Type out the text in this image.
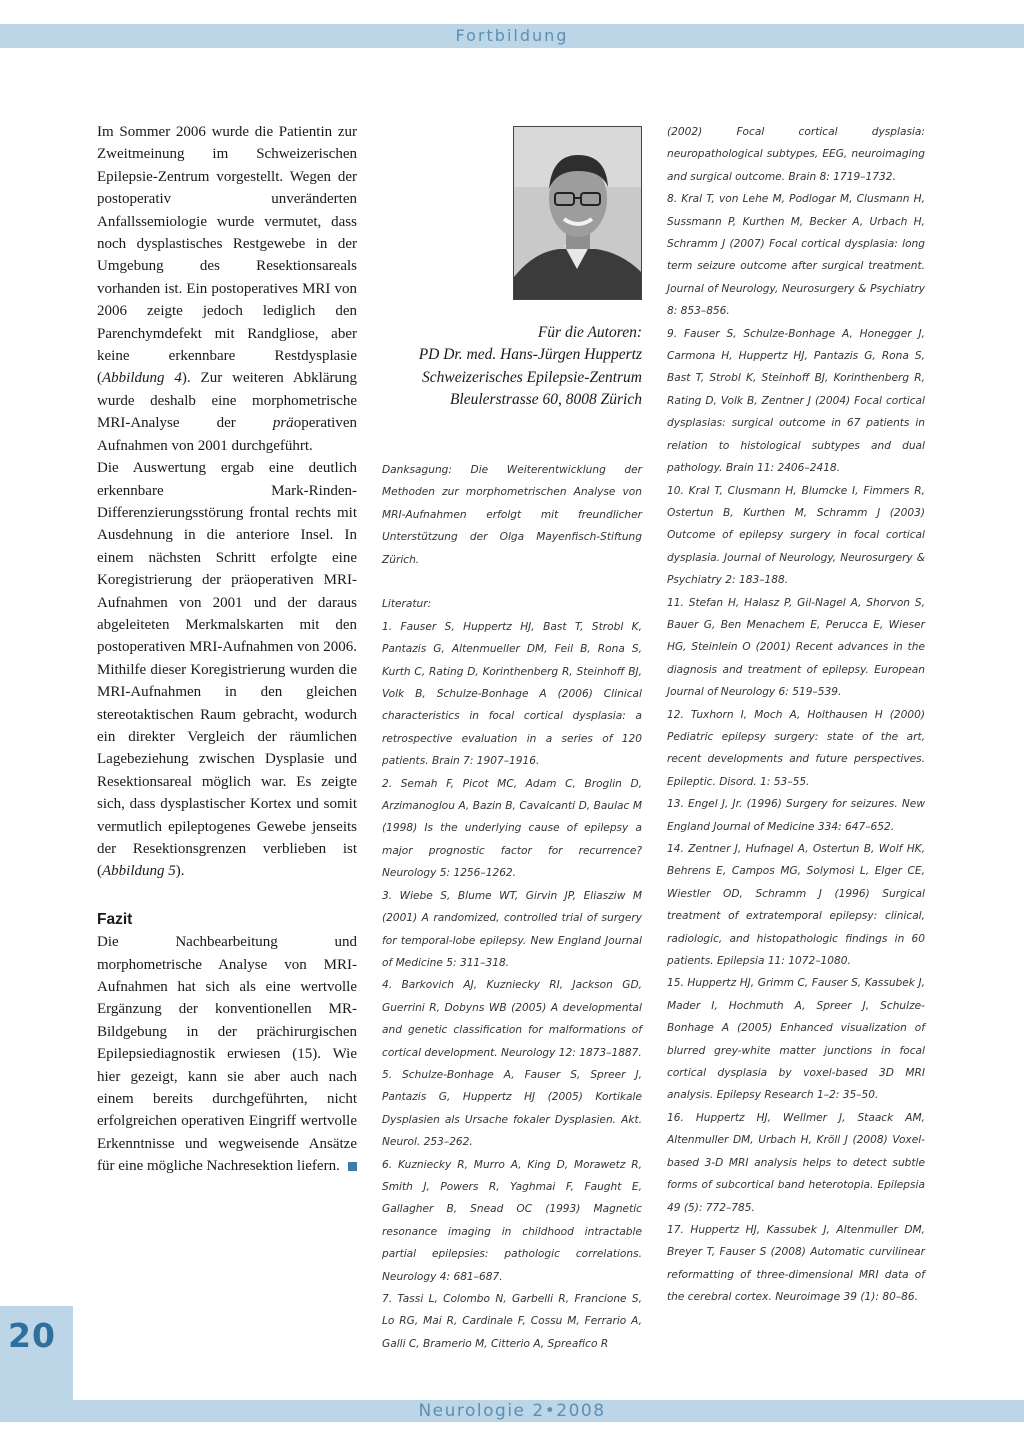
Fortbildung

Im Sommer 2006 wurde die Patientin zur Zweitmeinung im Schweizerischen Epilepsie-Zentrum vorgestellt. Wegen der postoperativ unveränderten Anfallssemiologie wurde vermutet, dass noch dysplastisches Restgewebe in der Umgebung des Resektionsareals vorhanden ist. Ein postoperatives MRI von 2006 zeigte jedoch lediglich den Parenchymdefekt mit Randgliose, aber keine erkennbare Restdysplasie (Abbildung 4). Zur weiteren Abklärung wurde deshalb eine morphometrische MRI-Analyse der präoperativen Aufnahmen von 2001 durchgeführt.

Die Auswertung ergab eine deutlich erkennbare Mark-Rinden-Differenzierungsstörung frontal rechts mit Ausdehnung in die anteriore Insel. In einem nächsten Schritt erfolgte eine Koregistrierung der präoperativen MRI-Aufnahmen von 2001 und der daraus abgeleiteten Merkmalskarten mit den postoperativen MRI-Aufnahmen von 2006. Mithilfe dieser Koregistrierung wurden die MRI-Aufnahmen in den gleichen stereotaktischen Raum gebracht, wodurch ein direkter Vergleich der räumlichen Lagebeziehung zwischen Dysplasie und Resektionsareal möglich war. Es zeigte sich, dass dysplastischer Kortex und somit vermutlich epileptogenes Gewebe jenseits der Resektionsgrenzen verblieben ist (Abbildung 5).

Fazit

Die Nachbearbeitung und morphometrische Analyse von MRI-Aufnahmen hat sich als eine wertvolle Ergänzung der konventionellen MR-Bildgebung in der prächirurgischen Epilepsiediagnostik erwiesen (15). Wie hier gezeigt, kann sie aber auch nach einem bereits durchgeführten, nicht erfolgreichen operativen Eingriff wertvolle Erkenntnisse und wegweisende Ansätze für eine mögliche Nachresektion liefern.

Für die Autoren:
PD Dr. med. Hans-Jürgen Huppertz
Schweizerisches Epilepsie-Zentrum
Bleulerstrasse 60, 8008 Zürich

Danksagung: Die Weiterentwicklung der Methoden zur morphometrischen Analyse von MRI-Aufnahmen erfolgt mit freundlicher Unterstützung der Olga Mayenfisch-Stiftung Zürich.

Literatur:

1. Fauser S, Huppertz HJ, Bast T, Strobl K, Pantazis G, Altenmueller DM, Feil B, Rona S, Kurth C, Rating D, Korinthenberg R, Steinhoff BJ, Volk B, Schulze-Bonhage A (2006) Clinical characteristics in focal cortical dysplasia: a retrospective evaluation in a series of 120 patients. Brain 7: 1907–1916.

2. Semah F, Picot MC, Adam C, Broglin D, Arzimanoglou A, Bazin B, Cavalcanti D, Baulac M (1998) Is the underlying cause of epilepsy a major prognostic factor for recurrence? Neurology 5: 1256–1262.

3. Wiebe S, Blume WT, Girvin JP, Eliasziw M (2001) A randomized, controlled trial of surgery for temporal-lobe epilepsy. New England Journal of Medicine 5: 311–318.

4. Barkovich AJ, Kuzniecky RI, Jackson GD, Guerrini R, Dobyns WB (2005) A developmental and genetic classification for malformations of cortical development. Neurology 12: 1873–1887.

5. Schulze-Bonhage A, Fauser S, Spreer J, Pantazis G, Huppertz HJ (2005) Kortikale Dysplasien als Ursache fokaler Dysplasien. Akt. Neurol. 253–262.

6. Kuzniecky R, Murro A, King D, Morawetz R, Smith J, Powers R, Yaghmai F, Faught E, Gallagher B, Snead OC (1993) Magnetic resonance imaging in childhood intractable partial epilepsies: pathologic correlations. Neurology 4: 681–687.

7. Tassi L, Colombo N, Garbelli R, Francione S, Lo RG, Mai R, Cardinale F, Cossu M, Ferrario A, Galli C, Bramerio M, Citterio A, Spreafico R

(2002) Focal cortical dysplasia: neuropathological subtypes, EEG, neuroimaging and surgical outcome. Brain 8: 1719–1732.

8. Kral T, von Lehe M, Podlogar M, Clusmann H, Sussmann P, Kurthen M, Becker A, Urbach H, Schramm J (2007) Focal cortical dysplasia: long term seizure outcome after surgical treatment. Journal of Neurology, Neurosurgery & Psychiatry 8: 853–856.

9. Fauser S, Schulze-Bonhage A, Honegger J, Carmona H, Huppertz HJ, Pantazis G, Rona S, Bast T, Strobl K, Steinhoff BJ, Korinthenberg R, Rating D, Volk B, Zentner J (2004) Focal cortical dysplasias: surgical outcome in 67 patients in relation to histological subtypes and dual pathology. Brain 11: 2406–2418.

10. Kral T, Clusmann H, Blumcke I, Fimmers R, Ostertun B, Kurthen M, Schramm J (2003) Outcome of epilepsy surgery in focal cortical dysplasia. Journal of Neurology, Neurosurgery & Psychiatry 2: 183–188.

11. Stefan H, Halasz P, Gil-Nagel A, Shorvon S, Bauer G, Ben Menachem E, Perucca E, Wieser HG, Steinlein O (2001) Recent advances in the diagnosis and treatment of epilepsy. European Journal of Neurology 6: 519–539.

12. Tuxhorn I, Moch A, Holthausen H (2000) Pediatric epilepsy surgery: state of the art, recent developments and future perspectives. Epileptic. Disord. 1: 53–55.

13. Engel J, Jr. (1996) Surgery for seizures. New England Journal of Medicine 334: 647–652.

14. Zentner J, Hufnagel A, Ostertun B, Wolf HK, Behrens E, Campos MG, Solymosi L, Elger CE, Wiestler OD, Schramm J (1996) Surgical treatment of extratemporal epilepsy: clinical, radiologic, and histopathologic findings in 60 patients. Epilepsia 11: 1072–1080.

15. Huppertz HJ, Grimm C, Fauser S, Kassubek J, Mader I, Hochmuth A, Spreer J, Schulze-Bonhage A (2005) Enhanced visualization of blurred grey-white matter junctions in focal cortical dysplasia by voxel-based 3D MRI analysis. Epilepsy Research 1–2: 35–50.

16. Huppertz HJ, Wellmer J, Staack AM, Altenmuller DM, Urbach H, Kröll J (2008) Voxel-based 3-D MRI analysis helps to detect subtle forms of subcortical band heterotopia. Epilepsia 49 (5): 772–785.

17. Huppertz HJ, Kassubek J, Altenmuller DM, Breyer T, Fauser S (2008) Automatic curvilinear reformatting of three-dimensional MRI data of the cerebral cortex. Neuroimage 39 (1): 80–86.

20
Neurologie 2•2008
